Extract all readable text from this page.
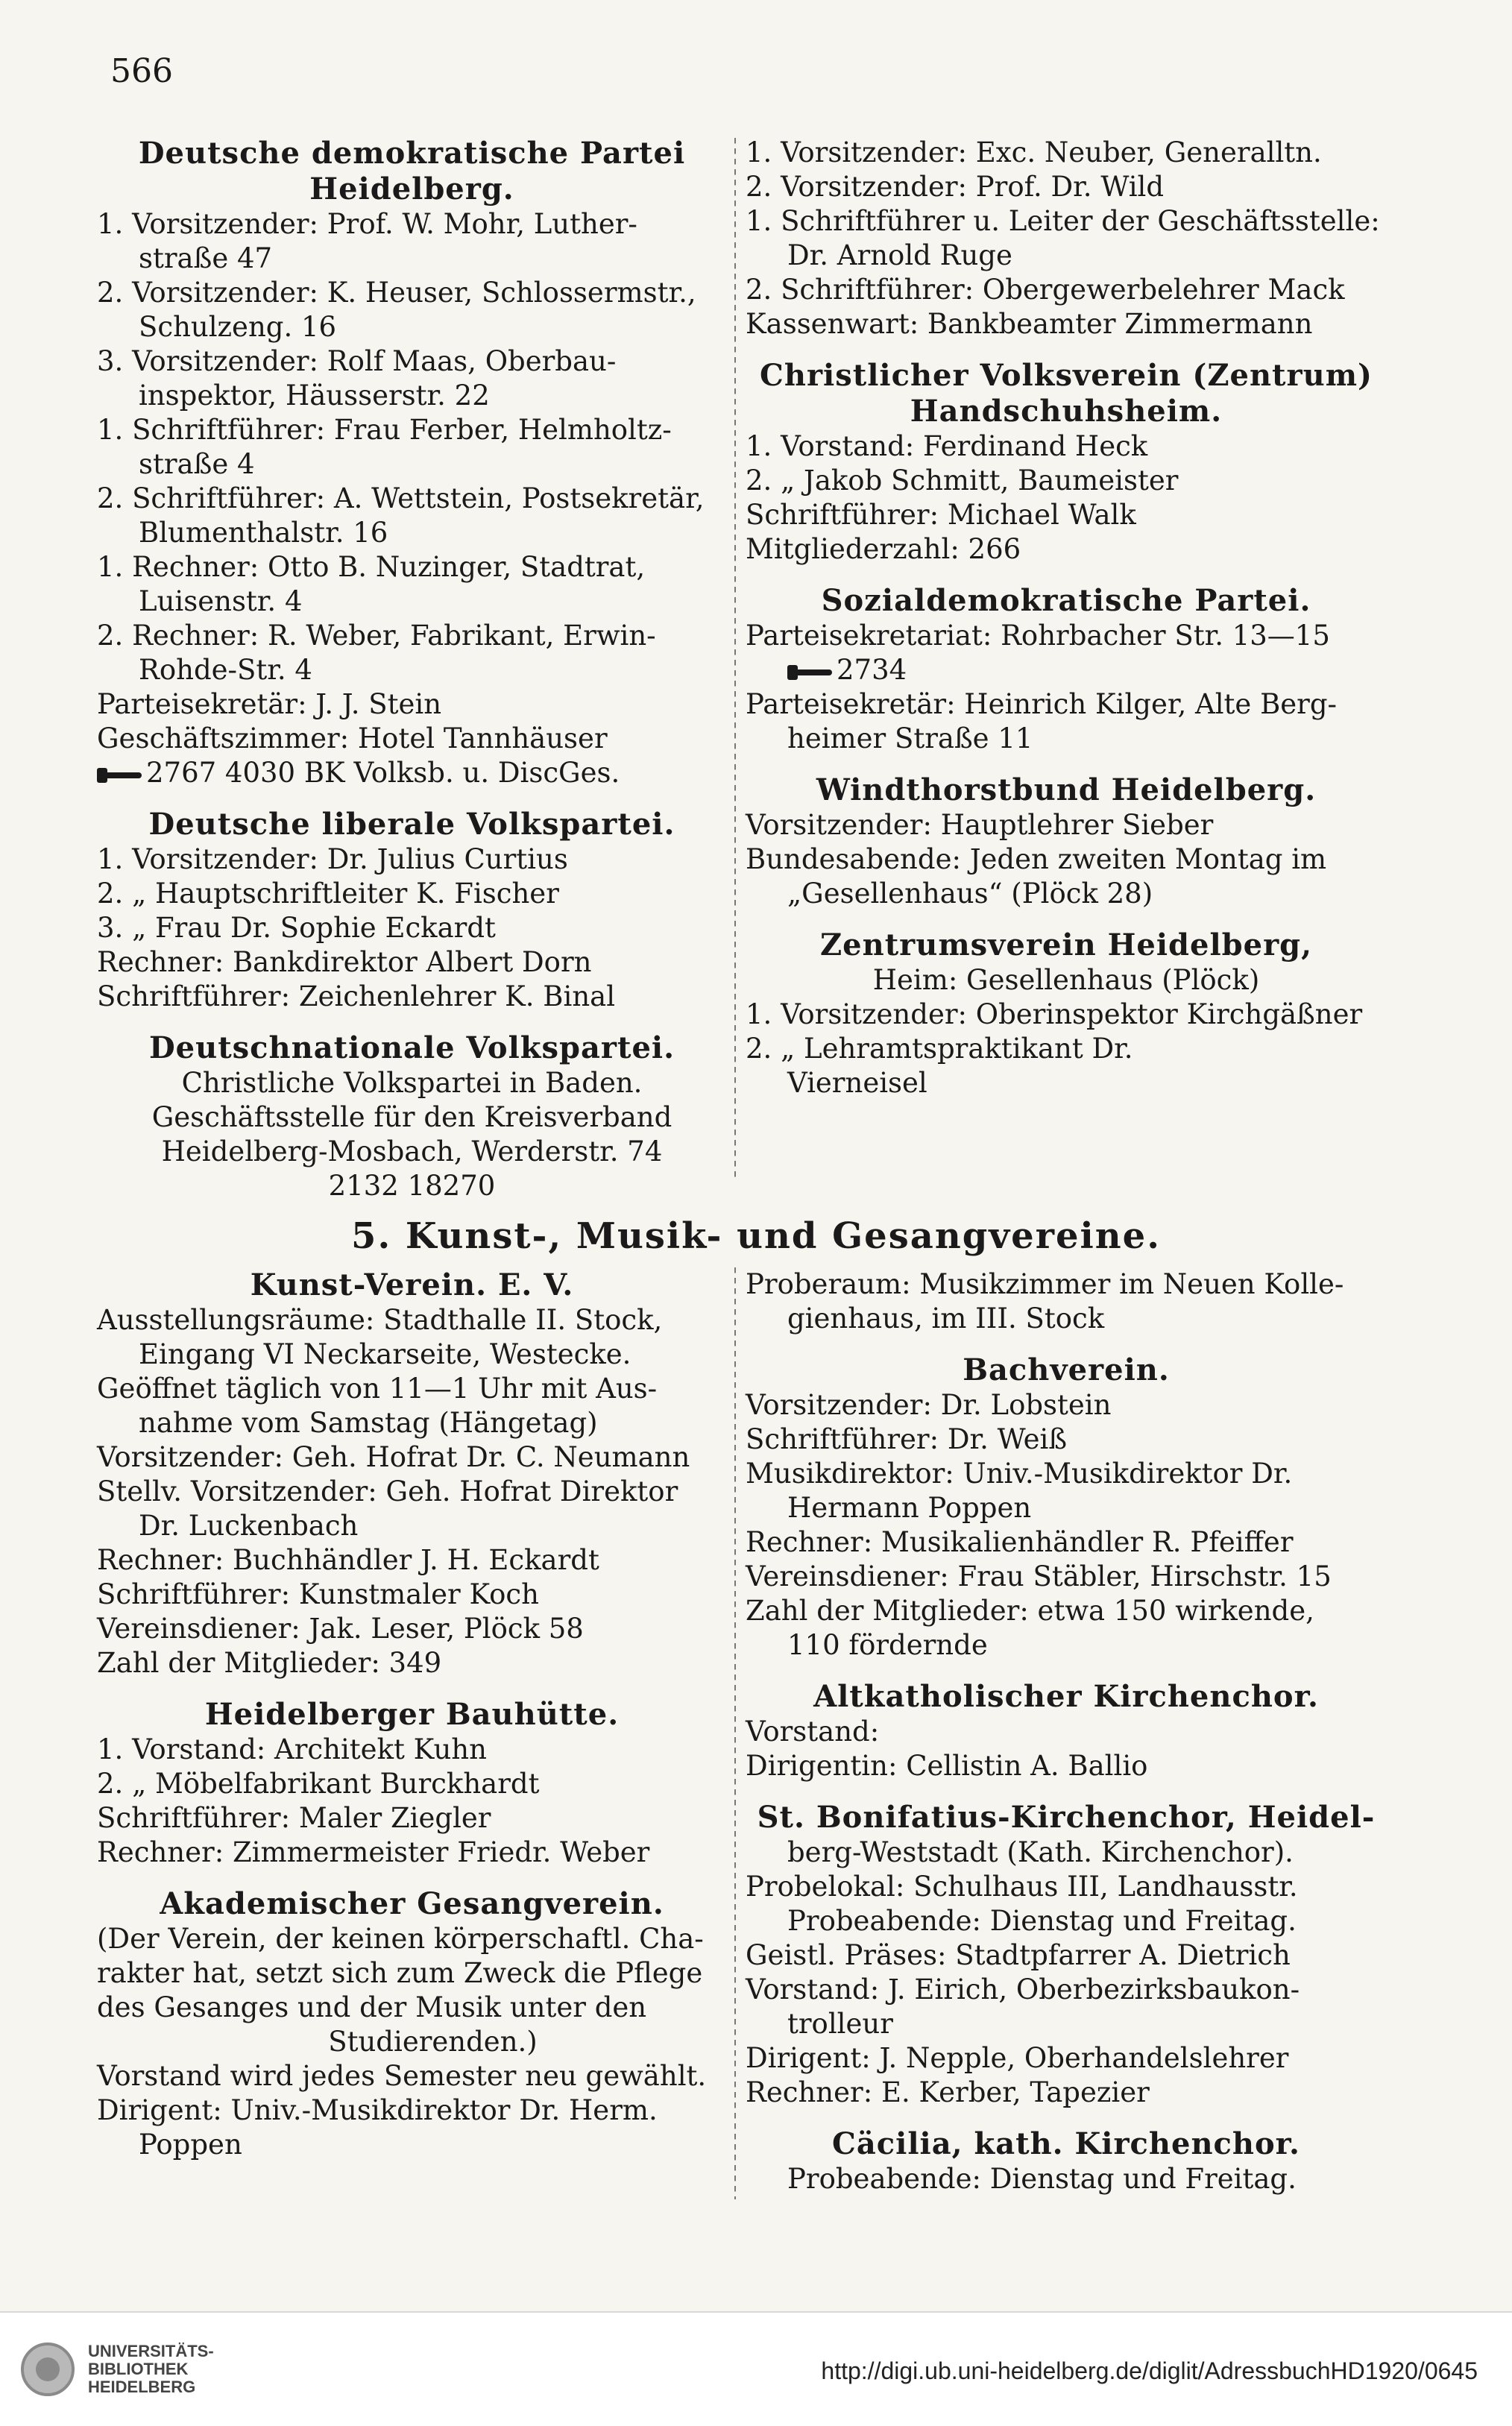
566
Deutsche demokratische Partei
Heidelberg.
1. Vorsitzender: Prof. W. Mohr, Luther-
straße 47
2. Vorsitzender: K. Heuser, Schlossermstr.,
Schulzeng. 16
3. Vorsitzender: Rolf Maas, Oberbau-
inspektor, Häusserstr. 22
1. Schriftführer: Frau Ferber, Helmholtz-
straße 4
2. Schriftführer: A. Wettstein, Postsekretär,
Blumenthalstr. 16
1. Rechner: Otto B. Nuzinger, Stadtrat,
Luisenstr. 4
2. Rechner: R. Weber, Fabrikant, Erwin-
Rohde-Str. 4
Parteisekretär: J. J. Stein
Geschäftszimmer: Hotel Tannhäuser
2767 4030 BK Volksb. u. DiscGes.
Deutsche liberale Volkspartei.
1. Vorsitzender: Dr. Julius Curtius
2. „ Hauptschriftleiter K. Fischer
3. „ Frau Dr. Sophie Eckardt
Rechner: Bankdirektor Albert Dorn
Schriftführer: Zeichenlehrer K. Binal
Deutschnationale Volkspartei.
Christliche Volkspartei in Baden.
Geschäftsstelle für den Kreisverband
Heidelberg-Mosbach, Werderstr. 74
2132 18270
1. Vorsitzender: Exc. Neuber, Generalltn.
2. Vorsitzender: Prof. Dr. Wild
1. Schriftführer u. Leiter der Geschäftsstelle:
Dr. Arnold Ruge
2. Schriftführer: Obergewerbelehrer Mack
Kassenwart: Bankbeamter Zimmermann
Christlicher Volksverein (Zentrum)
Handschuhsheim.
1. Vorstand: Ferdinand Heck
2. „ Jakob Schmitt, Baumeister
Schriftführer: Michael Walk
Mitgliederzahl: 266
Sozialdemokratische Partei.
Parteisekretariat: Rohrbacher Str. 13—15
2734
Parteisekretär: Heinrich Kilger, Alte Berg-
heimer Straße 11
Windthorstbund Heidelberg.
Vorsitzender: Hauptlehrer Sieber
Bundesabende: Jeden zweiten Montag im
„Gesellenhaus“ (Plöck 28)
Zentrumsverein Heidelberg,
Heim: Gesellenhaus (Plöck)
1. Vorsitzender: Oberinspektor Kirchgäßner
2. „ Lehramtspraktikant Dr.
Vierneisel
5. Kunst-, Musik- und Gesangvereine.
Kunst-Verein. E. V.
Ausstellungsräume: Stadthalle II. Stock,
Eingang VI Neckarseite, Westecke.
Geöffnet täglich von 11—1 Uhr mit Aus-
nahme vom Samstag (Hängetag)
Vorsitzender: Geh. Hofrat Dr. C. Neumann
Stellv. Vorsitzender: Geh. Hofrat Direktor
Dr. Luckenbach
Rechner: Buchhändler J. H. Eckardt
Schriftführer: Kunstmaler Koch
Vereinsdiener: Jak. Leser, Plöck 58
Zahl der Mitglieder: 349
Heidelberger Bauhütte.
1. Vorstand: Architekt Kuhn
2. „ Möbelfabrikant Burckhardt
Schriftführer: Maler Ziegler
Rechner: Zimmermeister Friedr. Weber
Akademischer Gesangverein.
(Der Verein, der keinen körperschaftl. Cha-
rakter hat, setzt sich zum Zweck die Pflege
des Gesanges und der Musik unter den
Studierenden.)
Vorstand wird jedes Semester neu gewählt.
Dirigent: Univ.-Musikdirektor Dr. Herm.
Poppen
Proberaum: Musikzimmer im Neuen Kolle-
gienhaus, im III. Stock
Bachverein.
Vorsitzender: Dr. Lobstein
Schriftführer: Dr. Weiß
Musikdirektor: Univ.-Musikdirektor Dr.
Hermann Poppen
Rechner: Musikalienhändler R. Pfeiffer
Vereinsdiener: Frau Stäbler, Hirschstr. 15
Zahl der Mitglieder: etwa 150 wirkende,
110 fördernde
Altkatholischer Kirchenchor.
Vorstand:
Dirigentin: Cellistin A. Ballio
St. Bonifatius-Kirchenchor, Heidel-
berg-Weststadt (Kath. Kirchenchor).
Probelokal: Schulhaus III, Landhausstr.
Probeabende: Dienstag und Freitag.
Geistl. Präses: Stadtpfarrer A. Dietrich
Vorstand: J. Eirich, Oberbezirksbaukon-
trolleur
Dirigent: J. Nepple, Oberhandelslehrer
Rechner: E. Kerber, Tapezier
Cäcilia, kath. Kirchenchor.
Probeabende: Dienstag und Freitag.
UNIVERSITÄTS-
BIBLIOTHEK
HEIDELBERG
http://digi.ub.uni-heidelberg.de/diglit/AdressbuchHD1920/0645
